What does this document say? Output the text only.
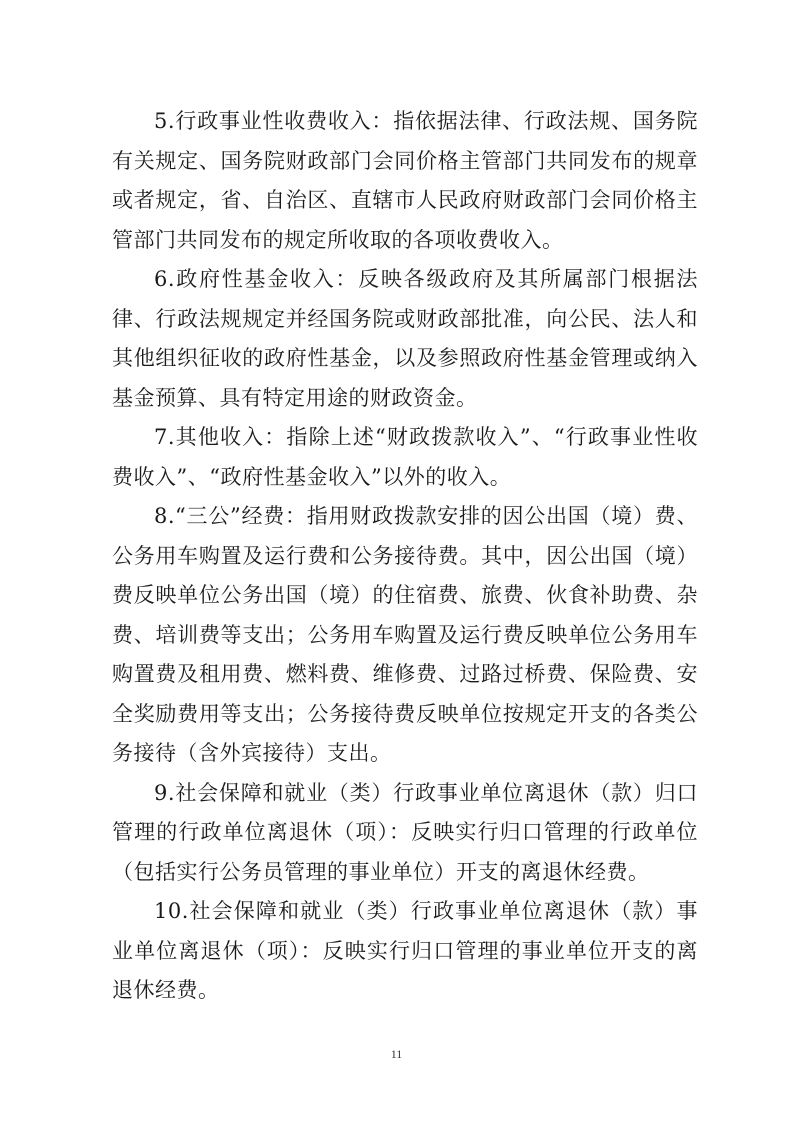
5.行政事业性收费收入：指依据法律、行政法规、国务院有关规定、国务院财政部门会同价格主管部门共同发布的规章或者规定，省、自治区、直辖市人民政府财政部门会同价格主管部门共同发布的规定所收取的各项收费收入。

6.政府性基金收入：反映各级政府及其所属部门根据法律、行政法规规定并经国务院或财政部批准，向公民、法人和其他组织征收的政府性基金，以及参照政府性基金管理或纳入基金预算、具有特定用途的财政资金。

7.其他收入：指除上述“财政拨款收入”、“行政事业性收费收入”、“政府性基金收入”以外的收入。

8.“三公”经费：指用财政拨款安排的因公出国（境）费、公务用车购置及运行费和公务接待费。其中，因公出国（境）费反映单位公务出国（境）的住宿费、旅费、伙食补助费、杂费、培训费等支出；公务用车购置及运行费反映单位公务用车购置费及租用费、燃料费、维修费、过路过桥费、保险费、安全奖励费用等支出；公务接待费反映单位按规定开支的各类公务接待（含外宾接待）支出。

9.社会保障和就业（类）行政事业单位离退休（款）归口管理的行政单位离退休（项）：反映实行归口管理的行政单位（包括实行公务员管理的事业单位）开支的离退休经费。

10.社会保障和就业（类）行政事业单位离退休（款）事业单位离退休（项）：反映实行归口管理的事业单位开支的离退休经费。

11
